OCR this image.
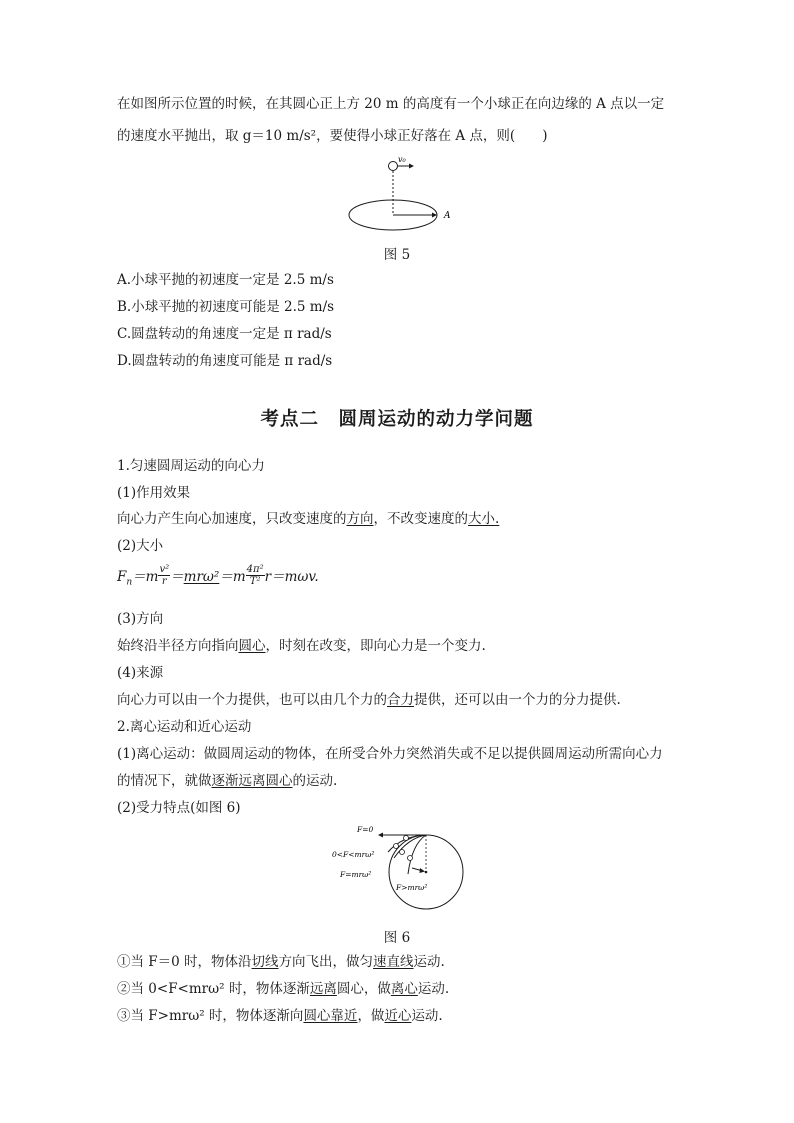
在如图所示位置的时候，在其圆心正上方 20 m 的高度有一个小球正在向边缘的 A 点以一定
的速度水平抛出，取 g＝10 m/s²，要使得小球正好落在 A 点，则(　　)
v₀
A
图 5
A.小球平抛的初速度一定是 2.5 m/s
B.小球平抛的初速度可能是 2.5 m/s
C.圆盘转动的角速度一定是 π rad/s
D.圆盘转动的角速度可能是 π rad/s
考点二　圆周运动的动力学问题
1.匀速圆周运动的向心力
(1)作用效果
向心力产生向心加速度，只改变速度的方向，不改变速度的大小.
(2)大小
$F_n=m \frac{\text{v²}}{r} =mr\omega^2=m \frac{\text{4π²}}{\text{T²}} r=m\omega v$.
(3)方向
始终沿半径方向指向圆心，时刻在改变，即向心力是一个变力.
(4)来源
向心力可以由一个力提供，也可以由几个力的合力提供，还可以由一个力的分力提供.
2.离心运动和近心运动
(1)离心运动：做圆周运动的物体，在所受合外力突然消失或不足以提供圆周运动所需向心力
的情况下，就做逐渐远离圆心的运动.
(2)受力特点(如图 6)
F=0
0<F<mrω²
F=mrω²
F>mrω²
图 6
①当 F＝0 时，物体沿切线方向飞出，做匀速直线运动.
②当 0<F<mrω² 时，物体逐渐远离圆心，做离心运动.
③当 F>mrω² 时，物体逐渐向圆心靠近，做近心运动.
